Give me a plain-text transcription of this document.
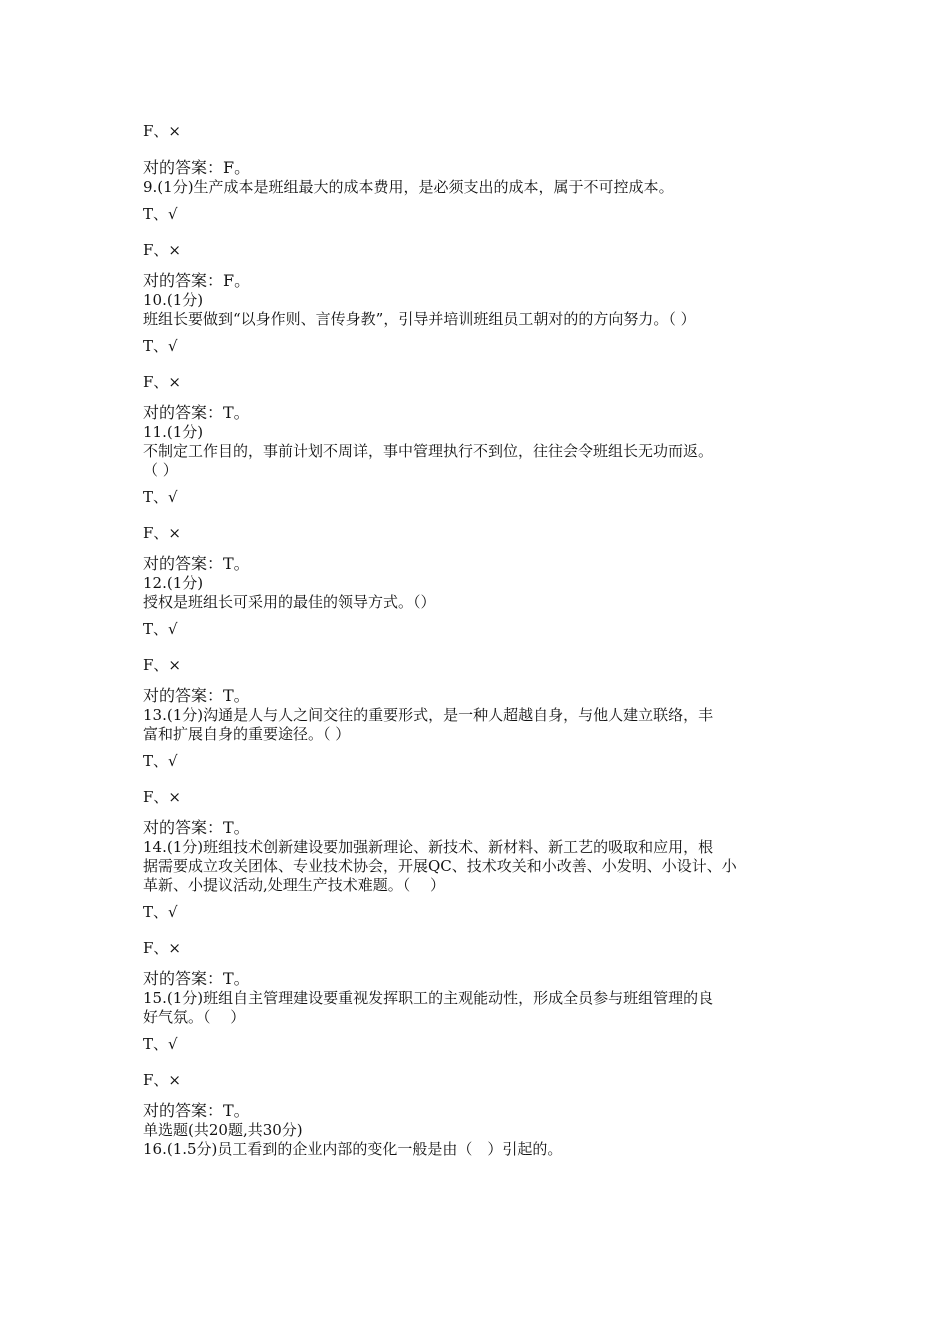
F、×
对的答案：F。
9.(1分)生产成本是班组最大的成本费用，是必须支出的成本，属于不可控成本。
T、√
F、×
对的答案：F。
10.(1分)
班组长要做到“以身作则、言传身教”，引导并培训班组员工朝对的的方向努力。（ ）
T、√
F、×
对的答案：T。
11.(1分)
不制定工作目的，事前计划不周详，事中管理执行不到位，往往会令班组长无功而返。
（ ）
T、√
F、×
对的答案：T。
12.(1分)
授权是班组长可采用的最佳的领导方式。（）
T、√
F、×
对的答案：T。
13.(1分)沟通是人与人之间交往的重要形式，是一种人超越自身，与他人建立联络，丰
富和扩展自身的重要途径。（ ）
T、√
F、×
对的答案：T。
14.(1分)班组技术创新建设要加强新理论、新技术、新材料、新工艺的吸取和应用，根
据需要成立攻关团体、专业技术协会，开展QC、技术攻关和小改善、小发明、小设计、小
革新、小提议活动,处理生产技术难题。（　 ）
T、√
F、×
对的答案：T。
15.(1分)班组自主管理建设要重视发挥职工的主观能动性，形成全员参与班组管理的良
好气氛。（　 ）
T、√
F、×
对的答案：T。
单选题(共20题,共30分)
16.(1.5分)员工看到的企业内部的变化一般是由（　）引起的。
